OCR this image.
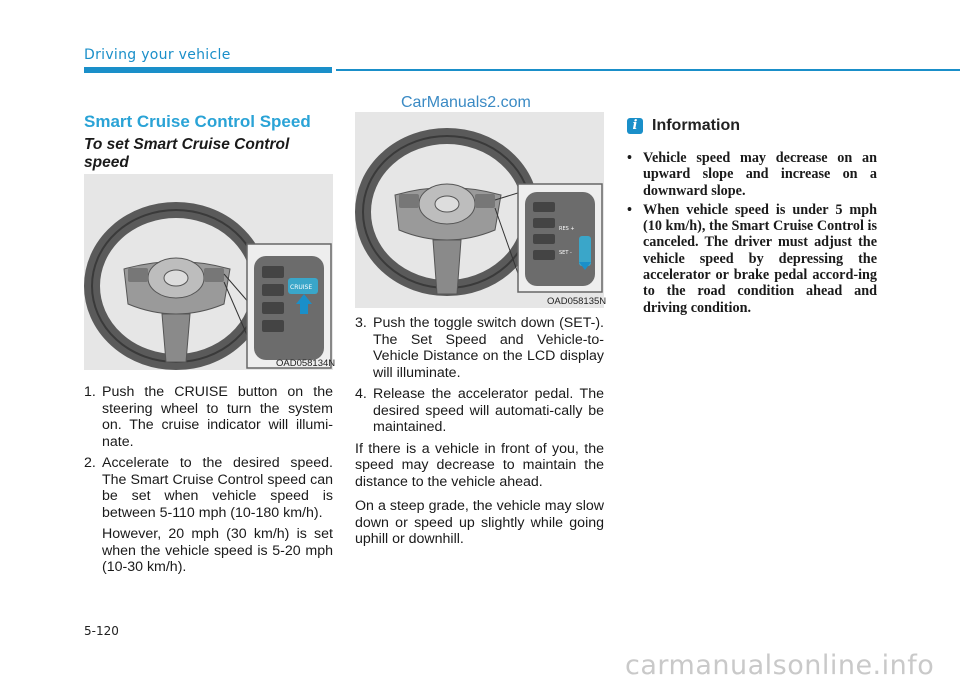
Driving your vehicle
CarManuals2.com
Smart Cruise Control Speed
To set Smart Cruise Control speed
CRUISE
OAD058134N
1. Push the CRUISE button on the steering wheel to turn the system on. The cruise indicator will illumi-nate.
2. Accelerate to the desired speed. The Smart Cruise Control speed can be set when vehicle speed is between 5-110 mph (10-180 km/h).
However, 20 mph (30 km/h) is set when the vehicle speed is 5-20 mph (10-30 km/h).
RES +
SET -
OAD058135N
3. Push the toggle switch down (SET-). The Set Speed and Vehicle-to-Vehicle Distance on the LCD display will illuminate.
4. Release the accelerator pedal. The desired speed will automati-cally be maintained.
If there is a vehicle in front of you, the speed may decrease to maintain the distance to the vehicle ahead.
On a steep grade, the vehicle may slow down or speed up slightly while going uphill or downhill.
i Information
• Vehicle speed may decrease on an upward slope and increase on a downward slope.
• When vehicle speed is under 5 mph (10 km/h), the Smart Cruise Control is canceled. The driver must adjust the vehicle speed by depressing the accelerator or brake pedal accord-ing to the road condition ahead and driving condition.
5-120
carmanualsonline.info
